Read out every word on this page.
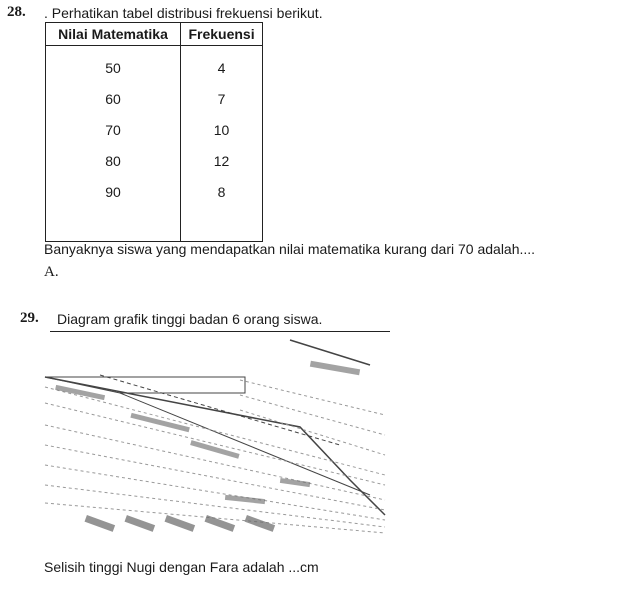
28. . Perhatikan tabel distribusi frekuensi berikut.
Nilai Matematika	Frekuensi
50	4
60	7
70	10
80	12
90	8

Banyaknya siswa yang mendapatkan nilai matematika kurang dari 70 adalah....
A.
29. Diagram grafik tinggi badan 6 orang siswa.
Selisih tinggi Nugi dengan Fara adalah ...cm
